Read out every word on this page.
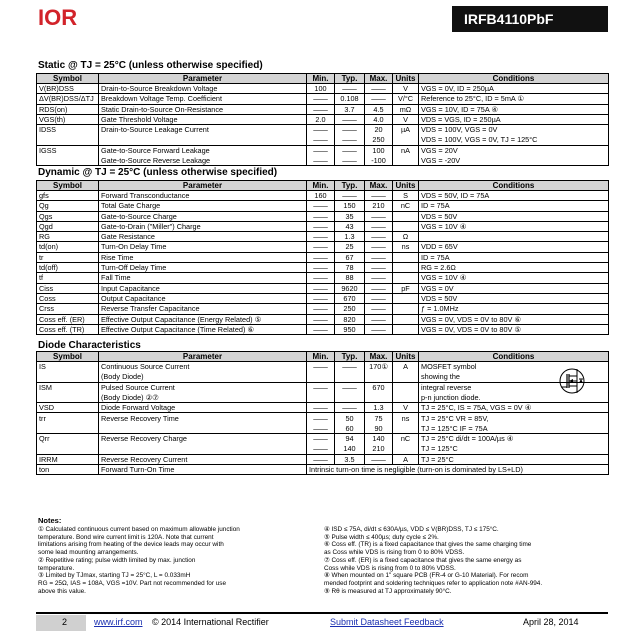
IOR	IRFB4110PbF
Static @ TJ = 25°C (unless otherwise specified)
Dynamic @ TJ = 25°C (unless otherwise specified)
Diode Characteristics
Symbol	Parameter	Min.	Typ.	Max.	Units	Conditions
V(BR)DSS	Drain-to-Source Breakdown Voltage	100	——	——	V	VGS = 0V, ID = 250µA
ΔV(BR)DSS/ΔTJ	Breakdown Voltage Temp. Coefficient	——	0.108	——	V/°C	Reference to 25°C, ID = 5mA ①
RDS(on)	Static Drain-to-Source On-Resistance	——	3.7	4.5	mΩ	VGS = 10V, ID = 75A ④
VGS(th)	Gate Threshold Voltage	2.0	——	4.0	V	VDS = VGS, ID = 250µA
IDSS	Drain-to-Source Leakage Current	——	——	20	µA	VDS = 100V, VGS = 0V
		——	——	250		VDS = 100V, VGS = 0V, TJ = 125°C
IGSS	Gate-to-Source Forward Leakage	——	——	100	nA	VGS = 20V
	Gate-to-Source Reverse Leakage	——	——	-100		VGS = -20V
Symbol	Parameter	Min.	Typ.	Max.	Units	Conditions
gfs	Forward Transconductance	160	——	——	S	VDS = 50V, ID = 75A
Qg	Total Gate Charge	——	150	210	nC	ID = 75A
Qgs	Gate-to-Source Charge	——	35	——		VDS = 50V
Qgd	Gate-to-Drain ("Miller") Charge	——	43	——		VGS = 10V ④
RG	Gate Resistance	——	1.3	——	Ω	
td(on)	Turn-On Delay Time	——	25	——	ns	VDD = 65V
tr	Rise Time	——	67	——		ID = 75A
td(off)	Turn-Off Delay Time	——	78	——		RG = 2.6Ω
tf	Fall Time	——	88	——		VGS = 10V ④
Ciss	Input Capacitance	——	9620	——	pF	VGS = 0V
Coss	Output Capacitance	——	670	——		VDS = 50V
Crss	Reverse Transfer Capacitance	——	250	——		ƒ = 1.0MHz
Coss eff. (ER)	Effective Output Capacitance (Energy Related) ⑤	——	820	——		VGS = 0V, VDS = 0V to 80V ⑥
Coss eff. (TR)	Effective Output Capacitance (Time Related) ⑥	——	950	——		VGS = 0V, VDS = 0V to 80V ⑤
Symbol	Parameter	Min.	Typ.	Max.	Units	Conditions
IS	Continuous Source Current	——	——	170①	A	MOSFET symbol
	(Body Diode)					showing the
ISM	Pulsed Source Current	——	——	670		integral reverse
	(Body Diode) ②⑦					p-n junction diode.
VSD	Diode Forward Voltage	——	——	1.3	V	TJ = 25°C, IS = 75A, VGS = 0V ④
trr	Reverse Recovery Time	——	50	75	ns	TJ = 25°C VR = 85V,
		——	60	90		TJ = 125°C IF = 75A
Qrr	Reverse Recovery Charge	——	94	140	nC	TJ = 25°C di/dt = 100A/µs ④
		——	140	210		TJ = 125°C
IRRM	Reverse Recovery Current	——	3.5	——	A	TJ = 25°C
ton	Forward Turn-On Time	Intrinsic turn-on time is negligible (turn-on is dominated by LS+LD)				
Notes:
① Calculated continuous current based on maximum allowable junction
temperature. Bond wire current limit is 120A. Note that current
limitations arising from heating of the device leads may occur with
some lead mounting arrangements.
② Repetitive rating; pulse width limited by max. junction
temperature.
③ Limited by TJmax, starting TJ = 25°C, L = 0.033mH
RG = 25Ω, IAS = 108A, VGS =10V. Part not recommended for use
above this value.
④ ISD ≤ 75A, di/dt ≤ 630A/µs, VDD ≤ V(BR)DSS, TJ ≤ 175°C.
⑤ Pulse width ≤ 400µs; duty cycle ≤ 2%.
⑥ Coss eff. (TR) is a fixed capacitance that gives the same charging time
as Coss while VDS is rising from 0 to 80% VDSS.
⑦ Coss eff. (ER) is a fixed capacitance that gives the same energy as
Coss while VDS is rising from 0 to 80% VDSS.
⑧ When mounted on 1" square PCB (FR-4 or G-10 Material). For recom
mended footprint and soldering techniques refer to application note #AN-994.
⑨ Rθ is measured at TJ approximately 90°C.
2	www.irf.com © 2014 International Rectifier	Submit Datasheet Feedback	April 28, 2014
